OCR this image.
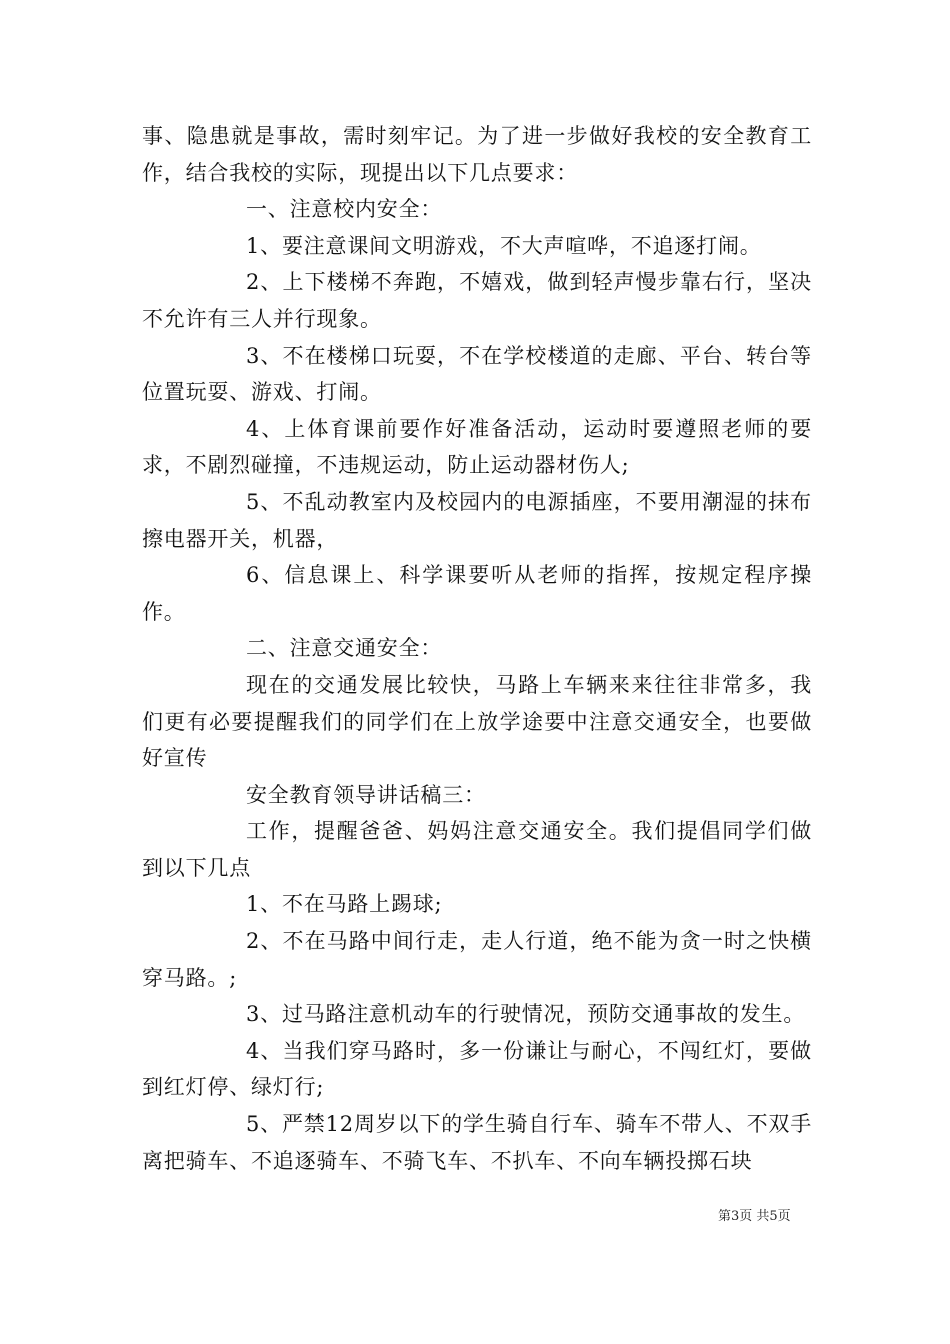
事、隐患就是事故，需时刻牢记。为了进一步做好我校的安全教育工作，结合我校的实际，现提出以下几点要求：

一、注意校内安全：

1、要注意课间文明游戏，不大声喧哗，不追逐打闹。

2、上下楼梯不奔跑，不嬉戏，做到轻声慢步靠右行，坚决不允许有三人并行现象。

3、不在楼梯口玩耍，不在学校楼道的走廊、平台、转台等位置玩耍、游戏、打闹。

4、上体育课前要作好准备活动，运动时要遵照老师的要求，不剧烈碰撞，不违规运动，防止运动器材伤人;

5、不乱动教室内及校园内的电源插座，不要用潮湿的抹布擦电器开关，机器，

6、信息课上、科学课要听从老师的指挥，按规定程序操作。

二、注意交通安全：

现在的交通发展比较快，马路上车辆来来往往非常多，我们更有必要提醒我们的同学们在上放学途要中注意交通安全，也要做好宣传

安全教育领导讲话稿三：

工作，提醒爸爸、妈妈注意交通安全。我们提倡同学们做到以下几点

1、不在马路上踢球;

2、不在马路中间行走，走人行道，绝不能为贪一时之快横穿马路。;

3、过马路注意机动车的行驶情况，预防交通事故的发生。

4、当我们穿马路时，多一份谦让与耐心，不闯红灯，要做到红灯停、绿灯行;

5、严禁12周岁以下的学生骑自行车、骑车不带人、不双手离把骑车、不追逐骑车、不骑飞车、不扒车、不向车辆投掷石块

第3页 共5页
